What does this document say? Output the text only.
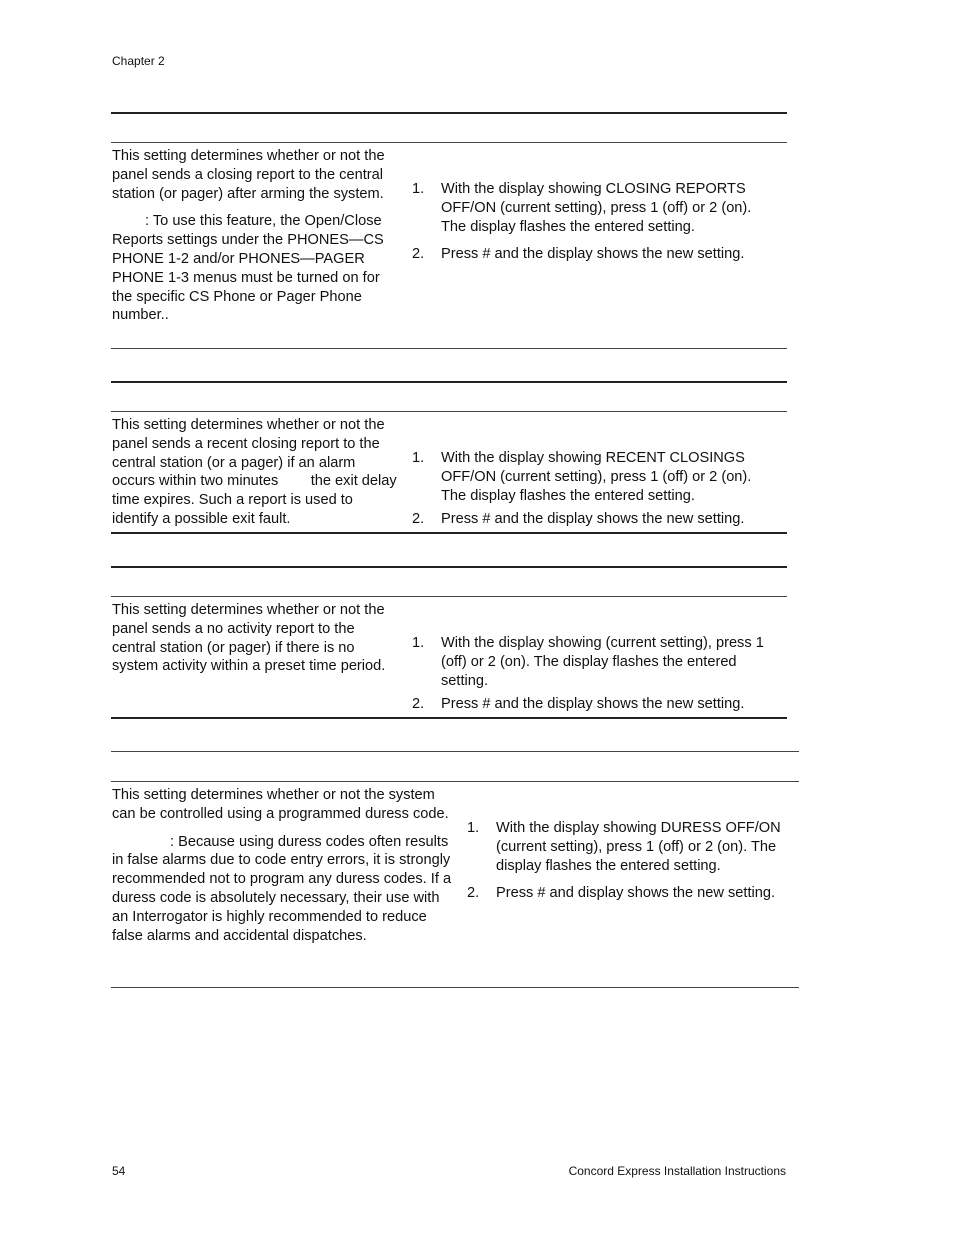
Chapter 2

This setting determines whether or not the panel sends a closing report to the central station (or pager) after arming the system.

: To use this feature, the Open/Close Reports settings under the PHONES—CS PHONE 1-2 and/or PHONES—PAGER PHONE 1-3 menus must be turned on for the specific CS Phone or Pager Phone number..

1.	With the display showing CLOSING REPORTS OFF/ON (current setting), press 1 (off) or 2 (on). The display flashes the entered setting.
2.	Press # and the display shows the new setting.

This setting determines whether or not the panel sends a recent closing report to the central station (or a pager) if an alarm occurs within two minutes        the exit delay time expires. Such a report is used to identify a possible exit fault.

1.	With the display showing RECENT CLOSINGS OFF/ON (current setting), press 1 (off) or 2 (on). The display flashes the entered setting.
2.	Press # and the display shows the new setting.

This setting determines whether or not the panel sends a no activity report to the central station (or pager) if there is no system activity within a preset time period.

1.	With the display showing (current setting), press 1 (off) or 2 (on). The display flashes the entered setting.
2.	Press # and the display shows the new setting.

This setting determines whether or not the system can be controlled using a programmed duress code.

: Because using duress codes often results in false alarms due to code entry errors, it is strongly recommended not to program any duress codes. If a duress code is absolutely necessary, their use with an Interrogator is highly recommended to reduce false alarms and accidental dispatches.

1.	With the display showing DURESS OFF/ON (current setting), press 1 (off) or 2 (on). The display flashes the entered setting.
2.	Press # and display shows the new setting.
54	Concord Express Installation Instructions
